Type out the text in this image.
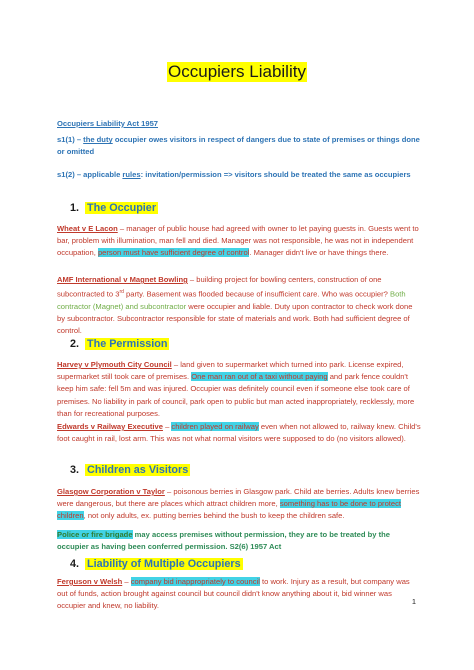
Occupiers Liability
Occupiers Liability Act 1957
s1(1) – the duty occupier owes visitors in respect of dangers due to state of premises or things done or omitted
s1(2) – applicable rules: invitation/permission => visitors should be treated the same as occupiers
1. The Occupier
Wheat v E Lacon – manager of public house had agreed with owner to let paying guests in. Guests went to bar, problem with illumination, man fell and died. Manager was not responsible, he was not in independent occupation, person must have sufficient degree of control. Manager didn't live or have things there.
AMF International v Magnet Bowling – building project for bowling centers, construction of one subcontracted to 3rd party. Basement was flooded because of insufficient care. Who was occupier? Both contractor (Magnet) and subcontractor were occupier and liable. Duty upon contractor to check work done by subcontractor. Subcontractor responsible for state of materials and work. Both had sufficient degree of control.
2. The Permission
Harvey v Plymouth City Council – land given to supermarket which turned into park. License expired, supermarket still took care of premises. One man ran out of a taxi without paying and park fence couldn't keep him safe: fell 5m and was injured. Occupier was definitely council even if someone else took care of premises. No liability in park of council, park open to public but man acted inappropriately, recklessly, more than for recreational purposes.
Edwards v Railway Executive – children played on railway even when not allowed to, railway knew. Child's foot caught in rail, lost arm. This was not what normal visitors were supposed to do (no visitors allowed).
3. Children as Visitors
Glasgow Corporation v Taylor – poisonous berries in Glasgow park. Child ate berries. Adults knew berries were dangerous, but there are places which attract children more, something has to be done to protect children, not only adults, ex. putting berries behind the bush to keep the children safe.
Police or fire brigade may access premises without permission, they are to be treated by the occupier as having been conferred permission. S2(6) 1957 Act
4. Liability of Multiple Occupiers
Ferguson v Welsh – company bid inappropriately to council to work. Injury as a result, but company was out of funds, action brought against council but council didn't know anything about it, bid winner was occupier and knew, no liability.	1
